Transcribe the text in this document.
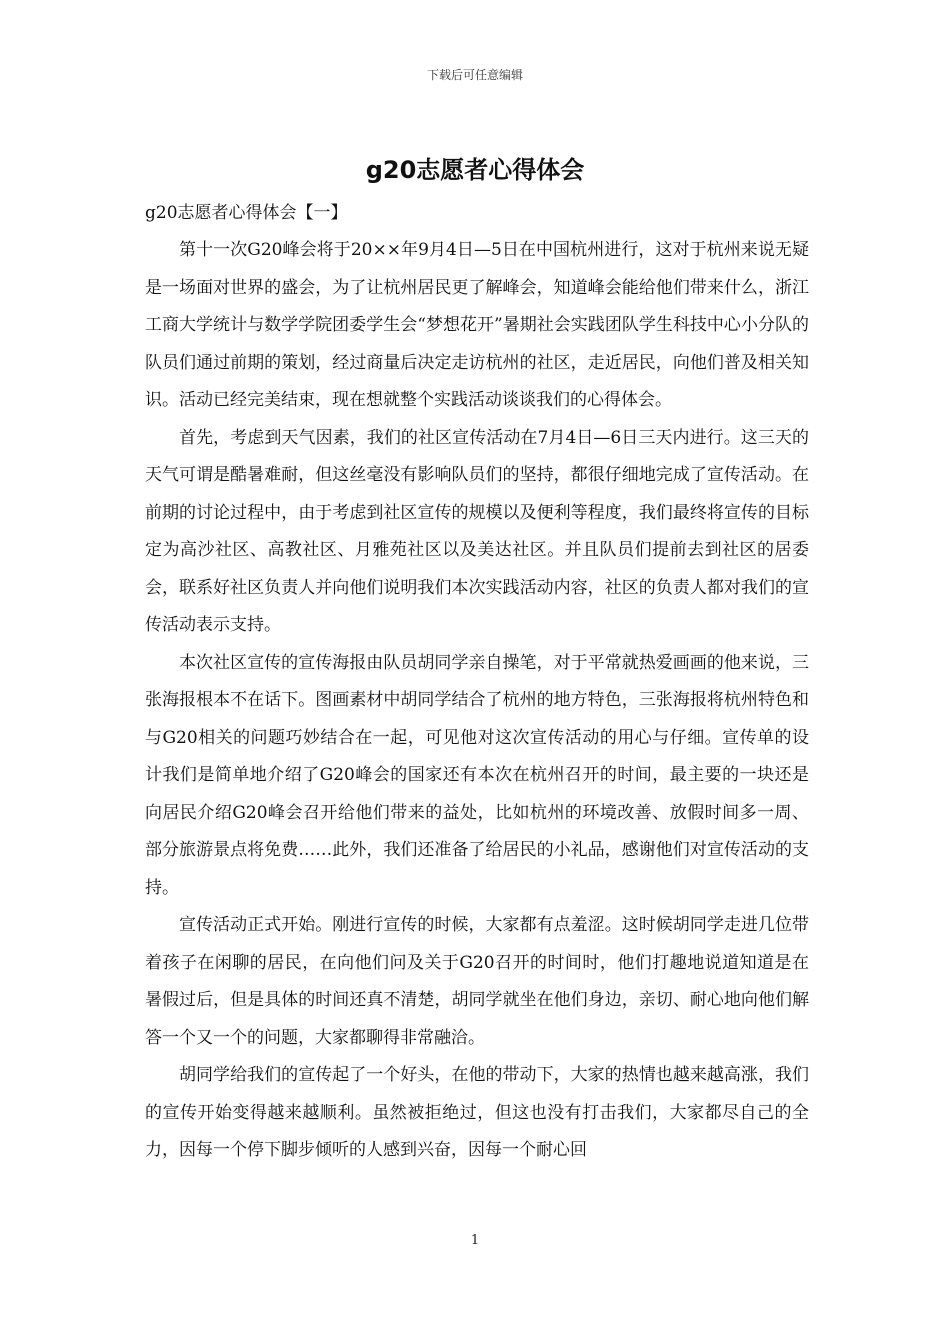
下载后可任意编辑
g20志愿者心得体会

g20志愿者心得体会【一】

第十一次G20峰会将于20××年9月4日—5日在中国杭州进行，这对于杭州来说无疑是一场面对世界的盛会，为了让杭州居民更了解峰会，知道峰会能给他们带来什么，浙江工商大学统计与数学学院团委学生会“梦想花开”暑期社会实践团队学生科技中心小分队的队员们通过前期的策划，经过商量后决定走访杭州的社区，走近居民，向他们普及相关知识。活动已经完美结束，现在想就整个实践活动谈谈我们的心得体会。

首先，考虑到天气因素，我们的社区宣传活动在7月4日—6日三天内进行。这三天的天气可谓是酷暑难耐，但这丝毫没有影响队员们的坚持，都很仔细地完成了宣传活动。在前期的讨论过程中，由于考虑到社区宣传的规模以及便利等程度，我们最终将宣传的目标定为高沙社区、高教社区、月雅苑社区以及美达社区。并且队员们提前去到社区的居委会，联系好社区负责人并向他们说明我们本次实践活动内容，社区的负责人都对我们的宣传活动表示支持。

本次社区宣传的宣传海报由队员胡同学亲自操笔，对于平常就热爱画画的他来说，三张海报根本不在话下。图画素材中胡同学结合了杭州的地方特色，三张海报将杭州特色和与G20相关的问题巧妙结合在一起，可见他对这次宣传活动的用心与仔细。宣传单的设计我们是简单地介绍了G20峰会的国家还有本次在杭州召开的时间，最主要的一块还是向居民介绍G20峰会召开给他们带来的益处，比如杭州的环境改善、放假时间多一周、部分旅游景点将免费……此外，我们还准备了给居民的小礼品，感谢他们对宣传活动的支持。

宣传活动正式开始。刚进行宣传的时候，大家都有点羞涩。这时候胡同学走进几位带着孩子在闲聊的居民，在向他们问及关于G20召开的时间时，他们打趣地说道知道是在暑假过后，但是具体的时间还真不清楚，胡同学就坐在他们身边，亲切、耐心地向他们解答一个又一个的问题，大家都聊得非常融洽。

胡同学给我们的宣传起了一个好头，在他的带动下，大家的热情也越来越高涨，我们的宣传开始变得越来越顺利。虽然被拒绝过，但这也没有打击我们，大家都尽自己的全力，因每一个停下脚步倾听的人感到兴奋，因每一个耐心回

1
